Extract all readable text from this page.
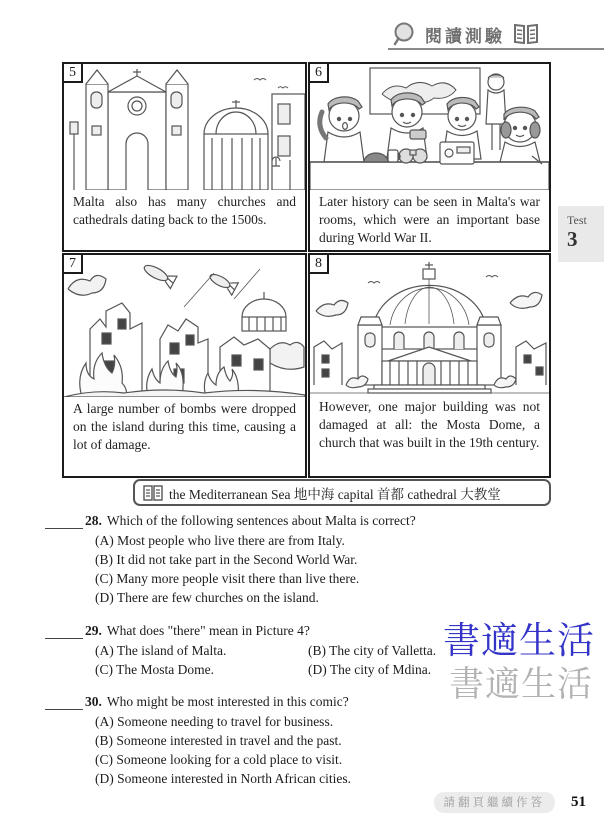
閱讀測驗
Test
3
5
Malta also has many churches and cathedrals dating back to the 1500s.
6
Later history can be seen in Malta's war rooms, which were an important base during World War II.
7
A large number of bombs were dropped on the island during this time, causing a lot of damage.
8
However, one major building was not damaged at all: the Mosta Dome, a church that was built in the 19th century.
the Mediterranean Sea 地中海 capital 首都 cathedral 大教堂
28. Which of the following sentences about Malta is correct?
(A) Most people who live there are from Italy.
(B) It did not take part in the Second World War.
(C) Many more people visit there than live there.
(D) There are few churches on the island.
29. What does "there" mean in Picture 4?
(A) The island of Malta.	(B) The city of Valletta.
(C) The Mosta Dome.	(D) The city of Mdina.
30. Who might be most interested in this comic?
(A) Someone needing to travel for business.
(B) Someone interested in travel and the past.
(C) Someone looking for a cold place to visit.
(D) Someone interested in North African cities.
書適生活
書適生活
請翻頁繼續作答	51
